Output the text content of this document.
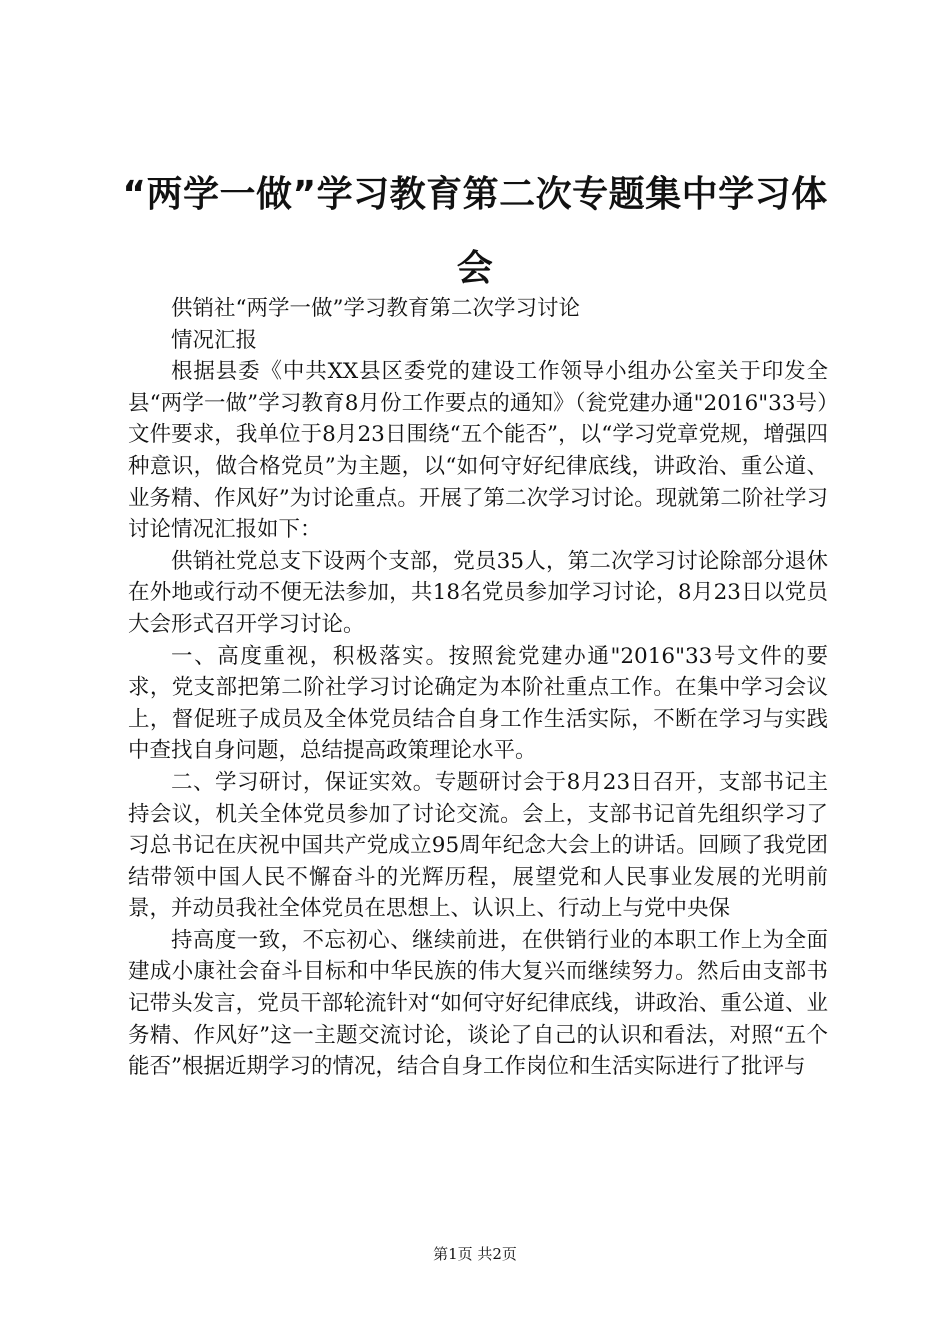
“两学一做”学习教育第二次专题集中学习体会

供销社“两学一做”学习教育第二次学习讨论

情况汇报

根据县委《中共XX县区委党的建设工作领导小组办公室关于印发全县“两学一做”学习教育8月份工作要点的通知》（瓮党建办通"2016"33号）文件要求，我单位于8月23日围绕“五个能否”，以“学习党章党规，增强四种意识，做合格党员”为主题，以“如何守好纪律底线，讲政治、重公道、业务精、作风好”为讨论重点。开展了第二次学习讨论。现就第二阶社学习讨论情况汇报如下：

供销社党总支下设两个支部，党员35人，第二次学习讨论除部分退休在外地或行动不便无法参加，共18名党员参加学习讨论，8月23日以党员大会形式召开学习讨论。

一、高度重视，积极落实。按照瓮党建办通"2016"33号文件的要求，党支部把第二阶社学习讨论确定为本阶社重点工作。在集中学习会议上，督促班子成员及全体党员结合自身工作生活实际，不断在学习与实践中查找自身问题，总结提高政策理论水平。

二、学习研讨，保证实效。专题研讨会于8月23日召开，支部书记主持会议，机关全体党员参加了讨论交流。会上，支部书记首先组织学习了习总书记在庆祝中国共产党成立95周年纪念大会上的讲话。回顾了我党团结带领中国人民不懈奋斗的光辉历程，展望党和人民事业发展的光明前景，并动员我社全体党员在思想上、认识上、行动上与党中央保

持高度一致，不忘初心、继续前进，在供销行业的本职工作上为全面建成小康社会奋斗目标和中华民族的伟大复兴而继续努力。然后由支部书记带头发言，党员干部轮流针对“如何守好纪律底线，讲政治、重公道、业务精、作风好”这一主题交流讨论，谈论了自己的认识和看法，对照“五个能否”根据近期学习的情况，结合自身工作岗位和生活实际进行了批评与

第1页 共2页
